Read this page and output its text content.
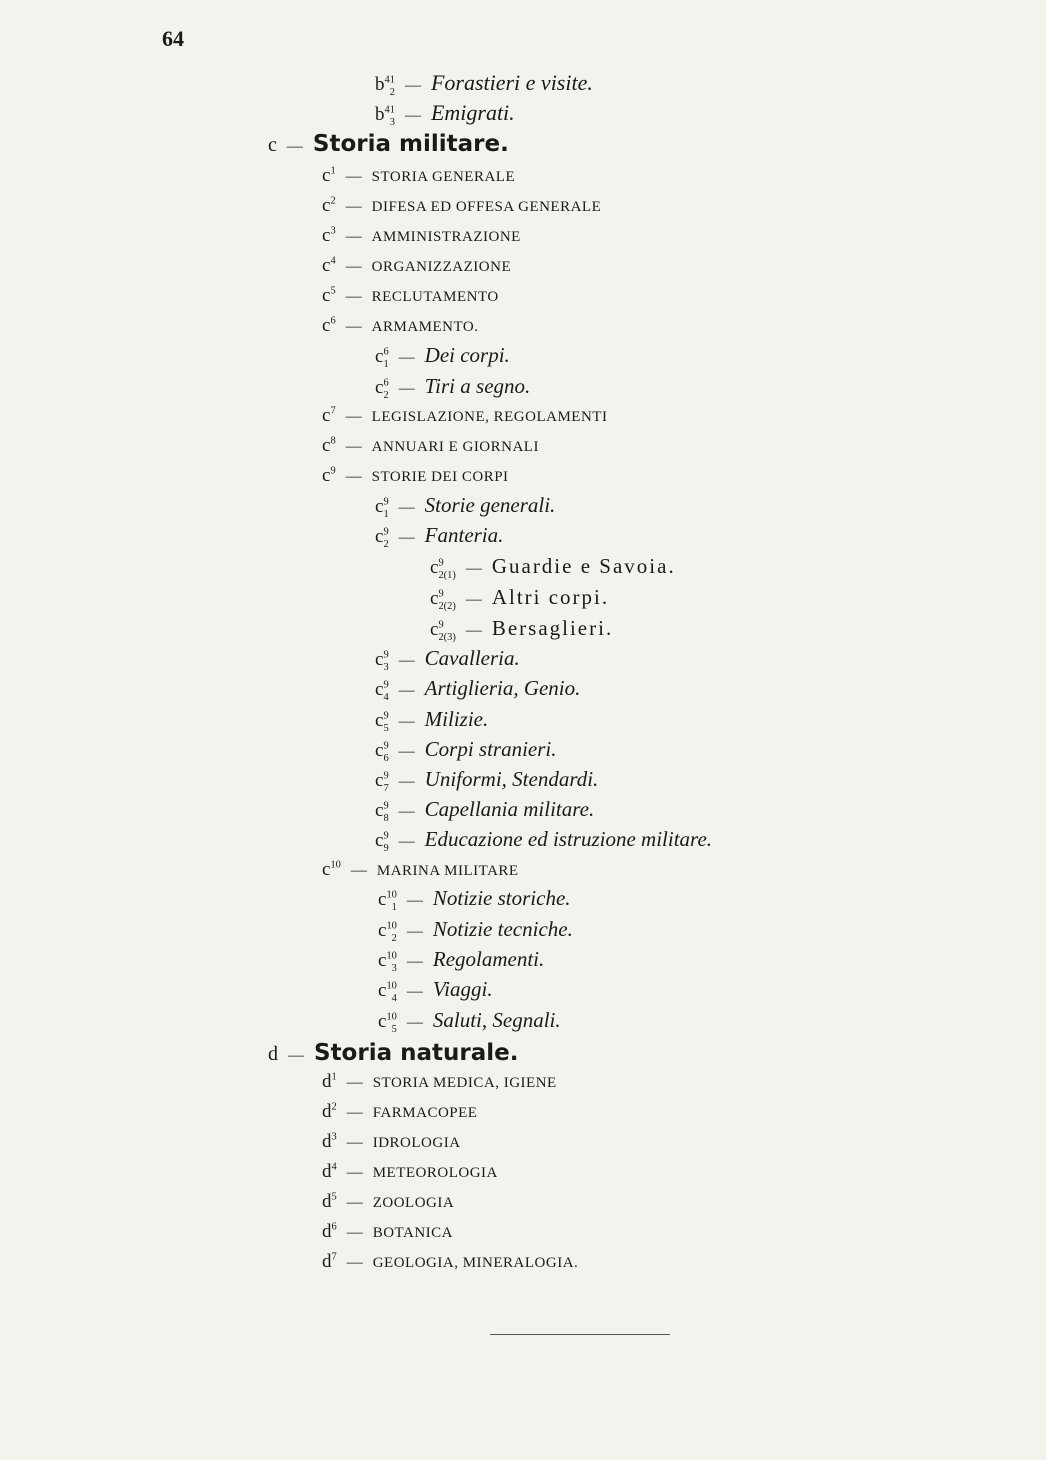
64
$b^{41}_2$ — Forastieri e visite.
$b^{41}_3$ — Emigrati.
c — Storia militare.
$c^1$ — STORIA GENERALE
$c^2$ — DIFESA ED OFFESA GENERALE
$c^3$ — AMMINISTRAZIONE
$c^4$ — ORGANIZZAZIONE
$c^5$ — RECLUTAMENTO
$c^6$ — ARMAMENTO.
$c^6_1$ — Dei corpi.
$c^6_2$ — Tiri a segno.
$c^7$ — LEGISLAZIONE, REGOLAMENTI
$c^8$ — ANNUARI E GIORNALI
$c^9$ — STORIE DEI CORPI
$c^9_1$ — Storie generali.
$c^9_2$ — Fanteria.
$c^9_{2(1)}$ — Guardie e Savoia.
$c^9_{2(2)}$ — Altri corpi.
$c^9_{2(3)}$ — Bersaglieri.
$c^9_3$ — Cavalleria.
$c^9_4$ — Artiglieria, Genio.
$c^9_5$ — Milizie.
$c^9_6$ — Corpi stranieri.
$c^9_7$ — Uniformi, Stendardi.
$c^9_8$ — Capellania militare.
$c^9_9$ — Educazione ed istruzione militare.
$c^{10}$ — MARINA MILITARE
$c^{10}_1$ — Notizie storiche.
$c^{10}_2$ — Notizie tecniche.
$c^{10}_3$ — Regolamenti.
$c^{10}_4$ — Viaggi.
$c^{10}_5$ — Saluti, Segnali.
d — Storia naturale.
$d^1$ — STORIA MEDICA, IGIENE
$d^2$ — FARMACOPEE
$d^3$ — IDROLOGIA
$d^4$ — METEOROLOGIA
$d^5$ — ZOOLOGIA
$d^6$ — BOTANICA
$d^7$ — GEOLOGIA, MINERALOGIA.
